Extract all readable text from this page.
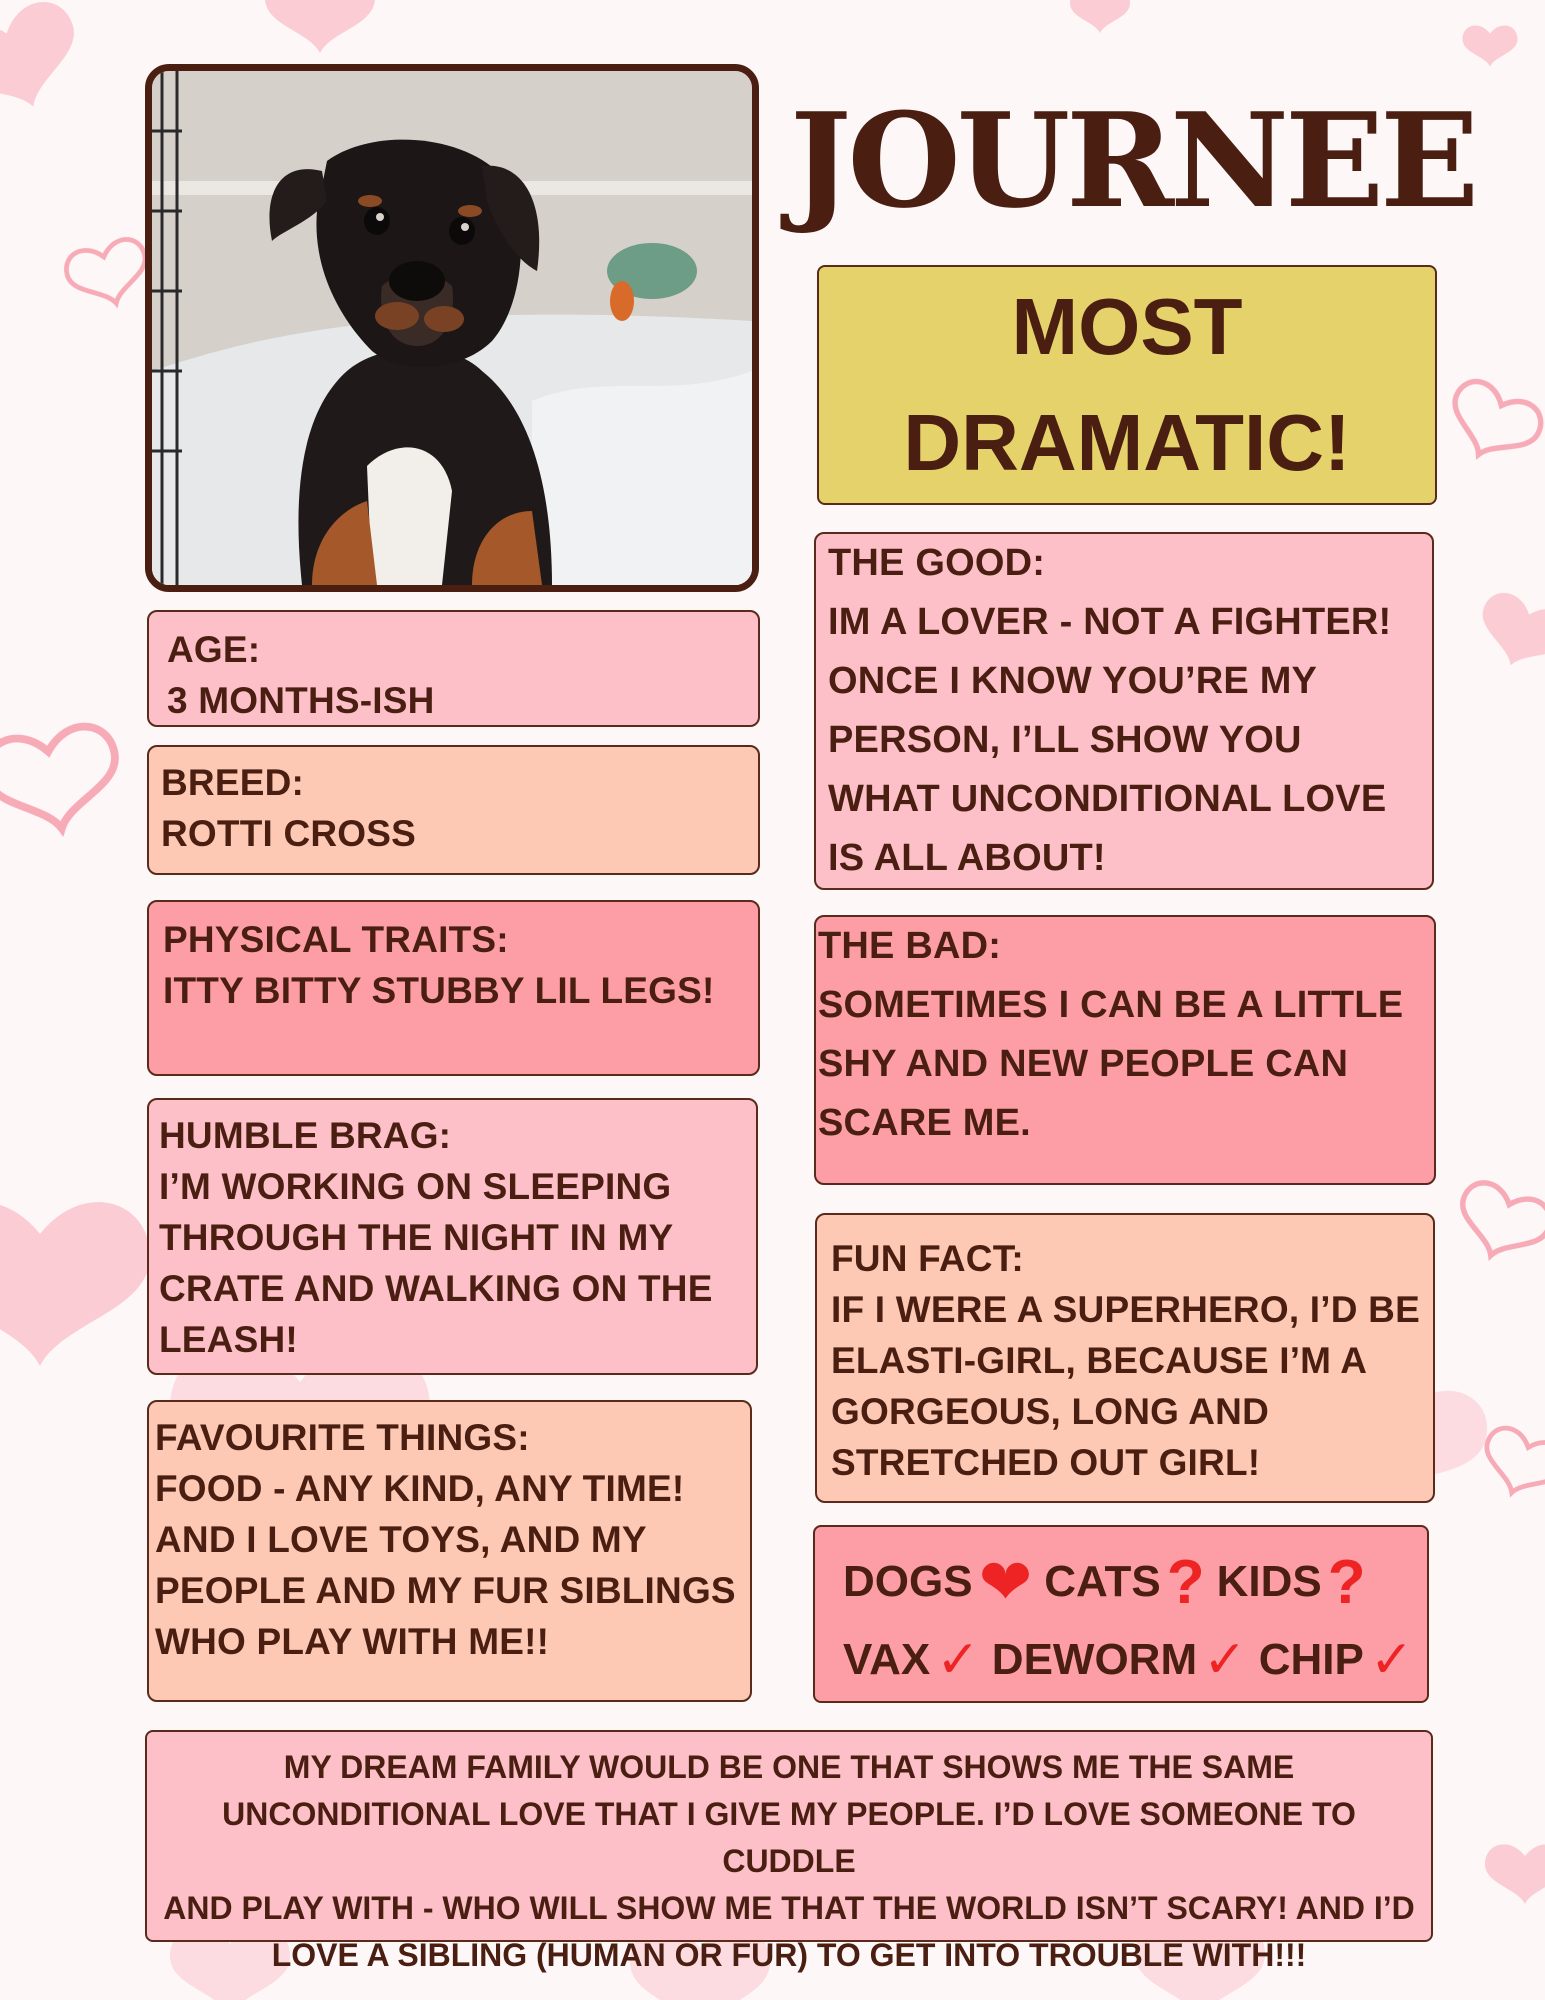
JOURNEE
MOST
DRAMATIC!
AGE:
3 MONTHS-ISH
BREED:
ROTTI CROSS
PHYSICAL TRAITS:
ITTY BITTY STUBBY LIL LEGS!
HUMBLE BRAG:
I’M WORKING ON SLEEPING
THROUGH THE NIGHT IN MY
CRATE AND WALKING ON THE
LEASH!
FAVOURITE THINGS:
FOOD - ANY KIND, ANY TIME!
AND I LOVE TOYS, AND MY
PEOPLE AND MY FUR SIBLINGS
WHO PLAY WITH ME!!
THE GOOD:
IM A LOVER - NOT A FIGHTER!
ONCE I KNOW YOU’RE MY
PERSON, I’LL SHOW YOU
WHAT UNCONDITIONAL LOVE
IS ALL ABOUT!
THE BAD:
SOMETIMES I CAN BE A LITTLE
SHY AND NEW PEOPLE CAN
SCARE ME.
FUN FACT:
IF I WERE A SUPERHERO, I’D BE
ELASTI-GIRL, BECAUSE I’M A
GORGEOUS, LONG AND
STRETCHED OUT GIRL!
DOGS ❤ CATS ? KIDS ?
VAX ✓ DEWORM ✓ CHIP ✓
MY DREAM FAMILY WOULD BE ONE THAT SHOWS ME THE SAME
UNCONDITIONAL LOVE THAT I GIVE MY PEOPLE. I’D LOVE SOMEONE TO CUDDLE
AND PLAY WITH - WHO WILL SHOW ME THAT THE WORLD ISN’T SCARY! AND I’D
LOVE A SIBLING (HUMAN OR FUR) TO GET INTO TROUBLE WITH!!!
